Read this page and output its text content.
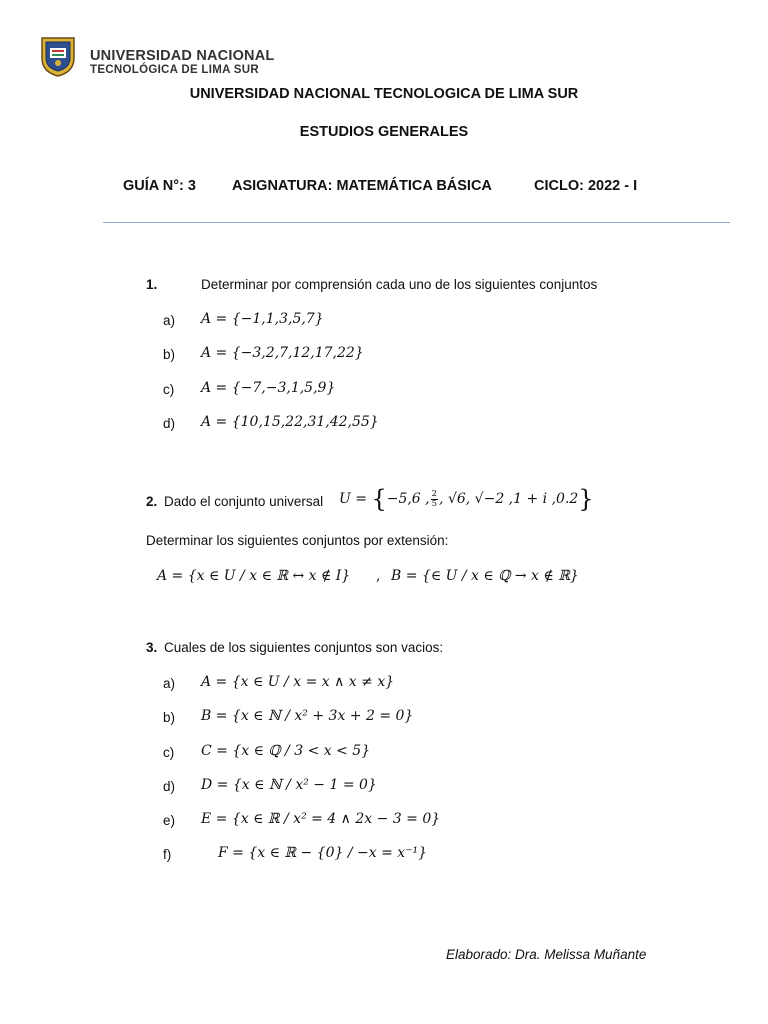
UNIVERSIDAD NACIONAL
TECNOLÓGICA DE LIMA SUR
UNIVERSIDAD NACIONAL TECNOLOGICA DE LIMA SUR
ESTUDIOS GENERALES
GUÍA N°: 3 ASIGNATURA: MATEMÁTICA BÁSICA	CICLO: 2022 - I
1.	Determinar por comprensión cada uno de los siguientes conjuntos
a) A = {−1,1,3,5,7}
b) A = {−3,2,7,12,17,22}
c) A = {−7,−3,1,5,9}
d) A = {10,15,22,31,42,55}
2. Dado el conjunto universal U = {−5,6 , $\frac{2}{5}$ , √6, √−2 ,1 + i ,0.2}
Determinar los siguientes conjuntos por extensión:
A = {x ∈ U / x ∈ ℝ ↔ x ∉ I} , B = {∈ U / x ∈ ℚ → x ∉ ℝ}
3. Cuales de los siguientes conjuntos son vacios:
a) A = {x ∈ U / x = x ∧ x ≠ x}
b) B = {x ∈ ℕ / x² + 3x + 2 = 0}
c) C = {x ∈ ℚ / 3 < x < 5}
d) D = {x ∈ ℕ / x² − 1 = 0}
e) E = {x ∈ ℝ / x² = 4 ∧ 2x − 3 = 0}
f)	F = {x ∈ ℝ − {0} / −x = x⁻¹}
Elaborado: Dra. Melissa Muñante
